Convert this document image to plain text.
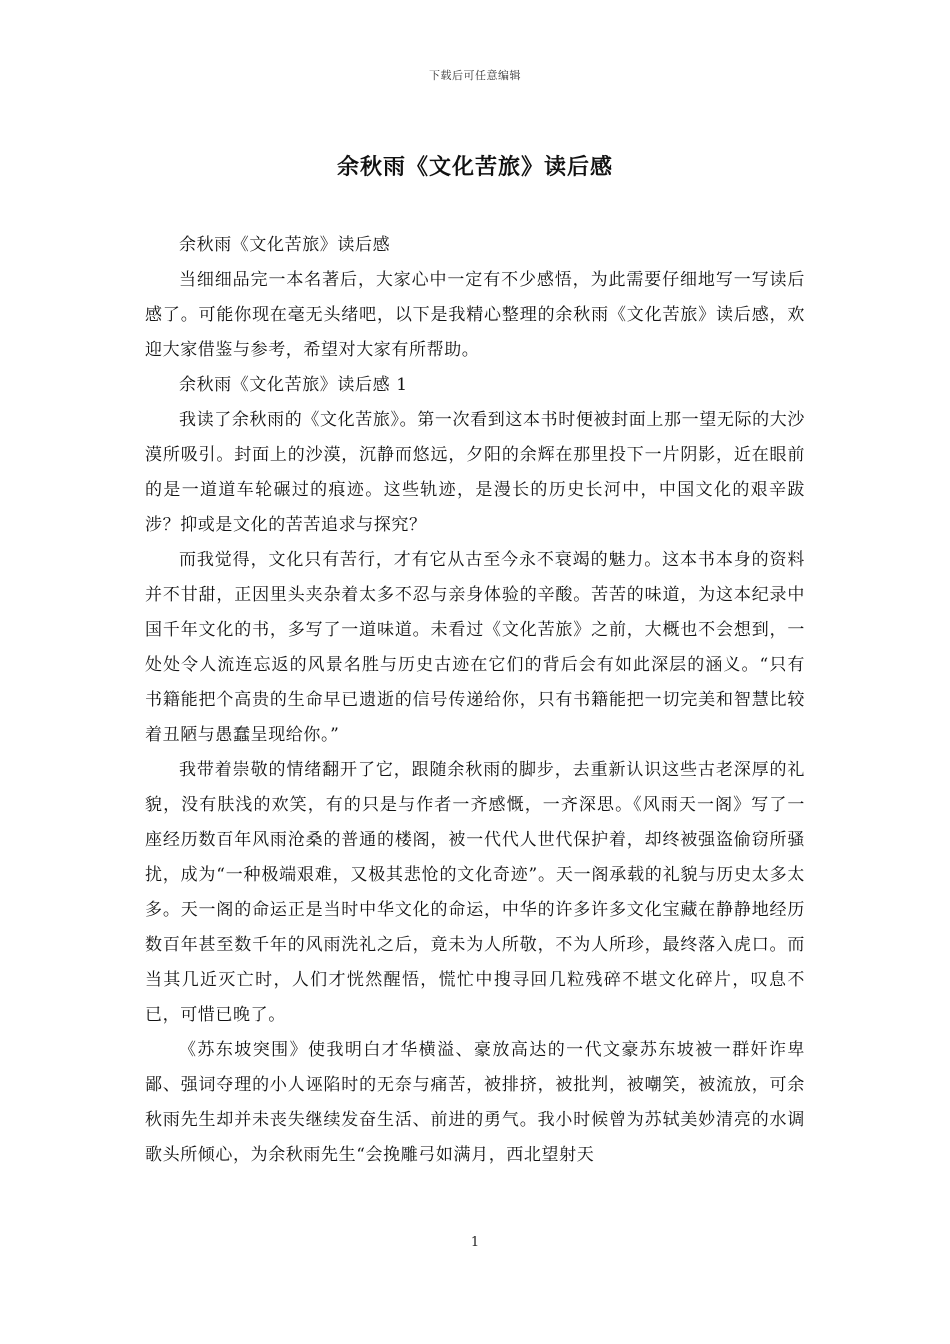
下载后可任意编辑
余秋雨《文化苦旅》读后感

余秋雨《文化苦旅》读后感

当细细品完一本名著后，大家心中一定有不少感悟，为此需要仔细地写一写读后感了。可能你现在毫无头绪吧，以下是我精心整理的余秋雨《文化苦旅》读后感，欢迎大家借鉴与参考，希望对大家有所帮助。

余秋雨《文化苦旅》读后感 1

我读了余秋雨的《文化苦旅》。第一次看到这本书时便被封面上那一望无际的大沙漠所吸引。封面上的沙漠，沉静而悠远，夕阳的余辉在那里投下一片阴影，近在眼前的是一道道车轮碾过的痕迹。这些轨迹，是漫长的历史长河中，中国文化的艰辛跋涉？抑或是文化的苦苦追求与探究？

而我觉得，文化只有苦行，才有它从古至今永不衰竭的魅力。这本书本身的资料并不甘甜，正因里头夹杂着太多不忍与亲身体验的辛酸。苦苦的味道，为这本纪录中国千年文化的书，多写了一道味道。未看过《文化苦旅》之前，大概也不会想到，一处处令人流连忘返的风景名胜与历史古迹在它们的背后会有如此深层的涵义。“只有书籍能把个高贵的生命早已遗逝的信号传递给你，只有书籍能把一切完美和智慧比较着丑陋与愚蠢呈现给你。”

我带着崇敬的情绪翻开了它，跟随余秋雨的脚步，去重新认识这些古老深厚的礼貌，没有肤浅的欢笑，有的只是与作者一齐感慨，一齐深思。《风雨天一阁》写了一座经历数百年风雨沧桑的普通的楼阁，被一代代人世代保护着，却终被强盗偷窃所骚扰，成为“一种极端艰难，又极其悲怆的文化奇迹”。天一阁承载的礼貌与历史太多太多。天一阁的命运正是当时中华文化的命运，中华的许多许多文化宝藏在静静地经历数百年甚至数千年的风雨洗礼之后，竟未为人所敬，不为人所珍，最终落入虎口。而当其几近灭亡时，人们才恍然醒悟，慌忙中搜寻回几粒残碎不堪文化碎片，叹息不已，可惜已晚了。

《苏东坡突围》使我明白才华横溢、豪放高达的一代文豪苏东坡被一群奸诈卑鄙、强词夺理的小人诬陷时的无奈与痛苦，被排挤，被批判，被嘲笑，被流放，可余秋雨先生却并未丧失继续发奋生活、前进的勇气。我小时候曾为苏轼美妙清亮的水调歌头所倾心，为余秋雨先生“会挽雕弓如满月，西北望射天

1
